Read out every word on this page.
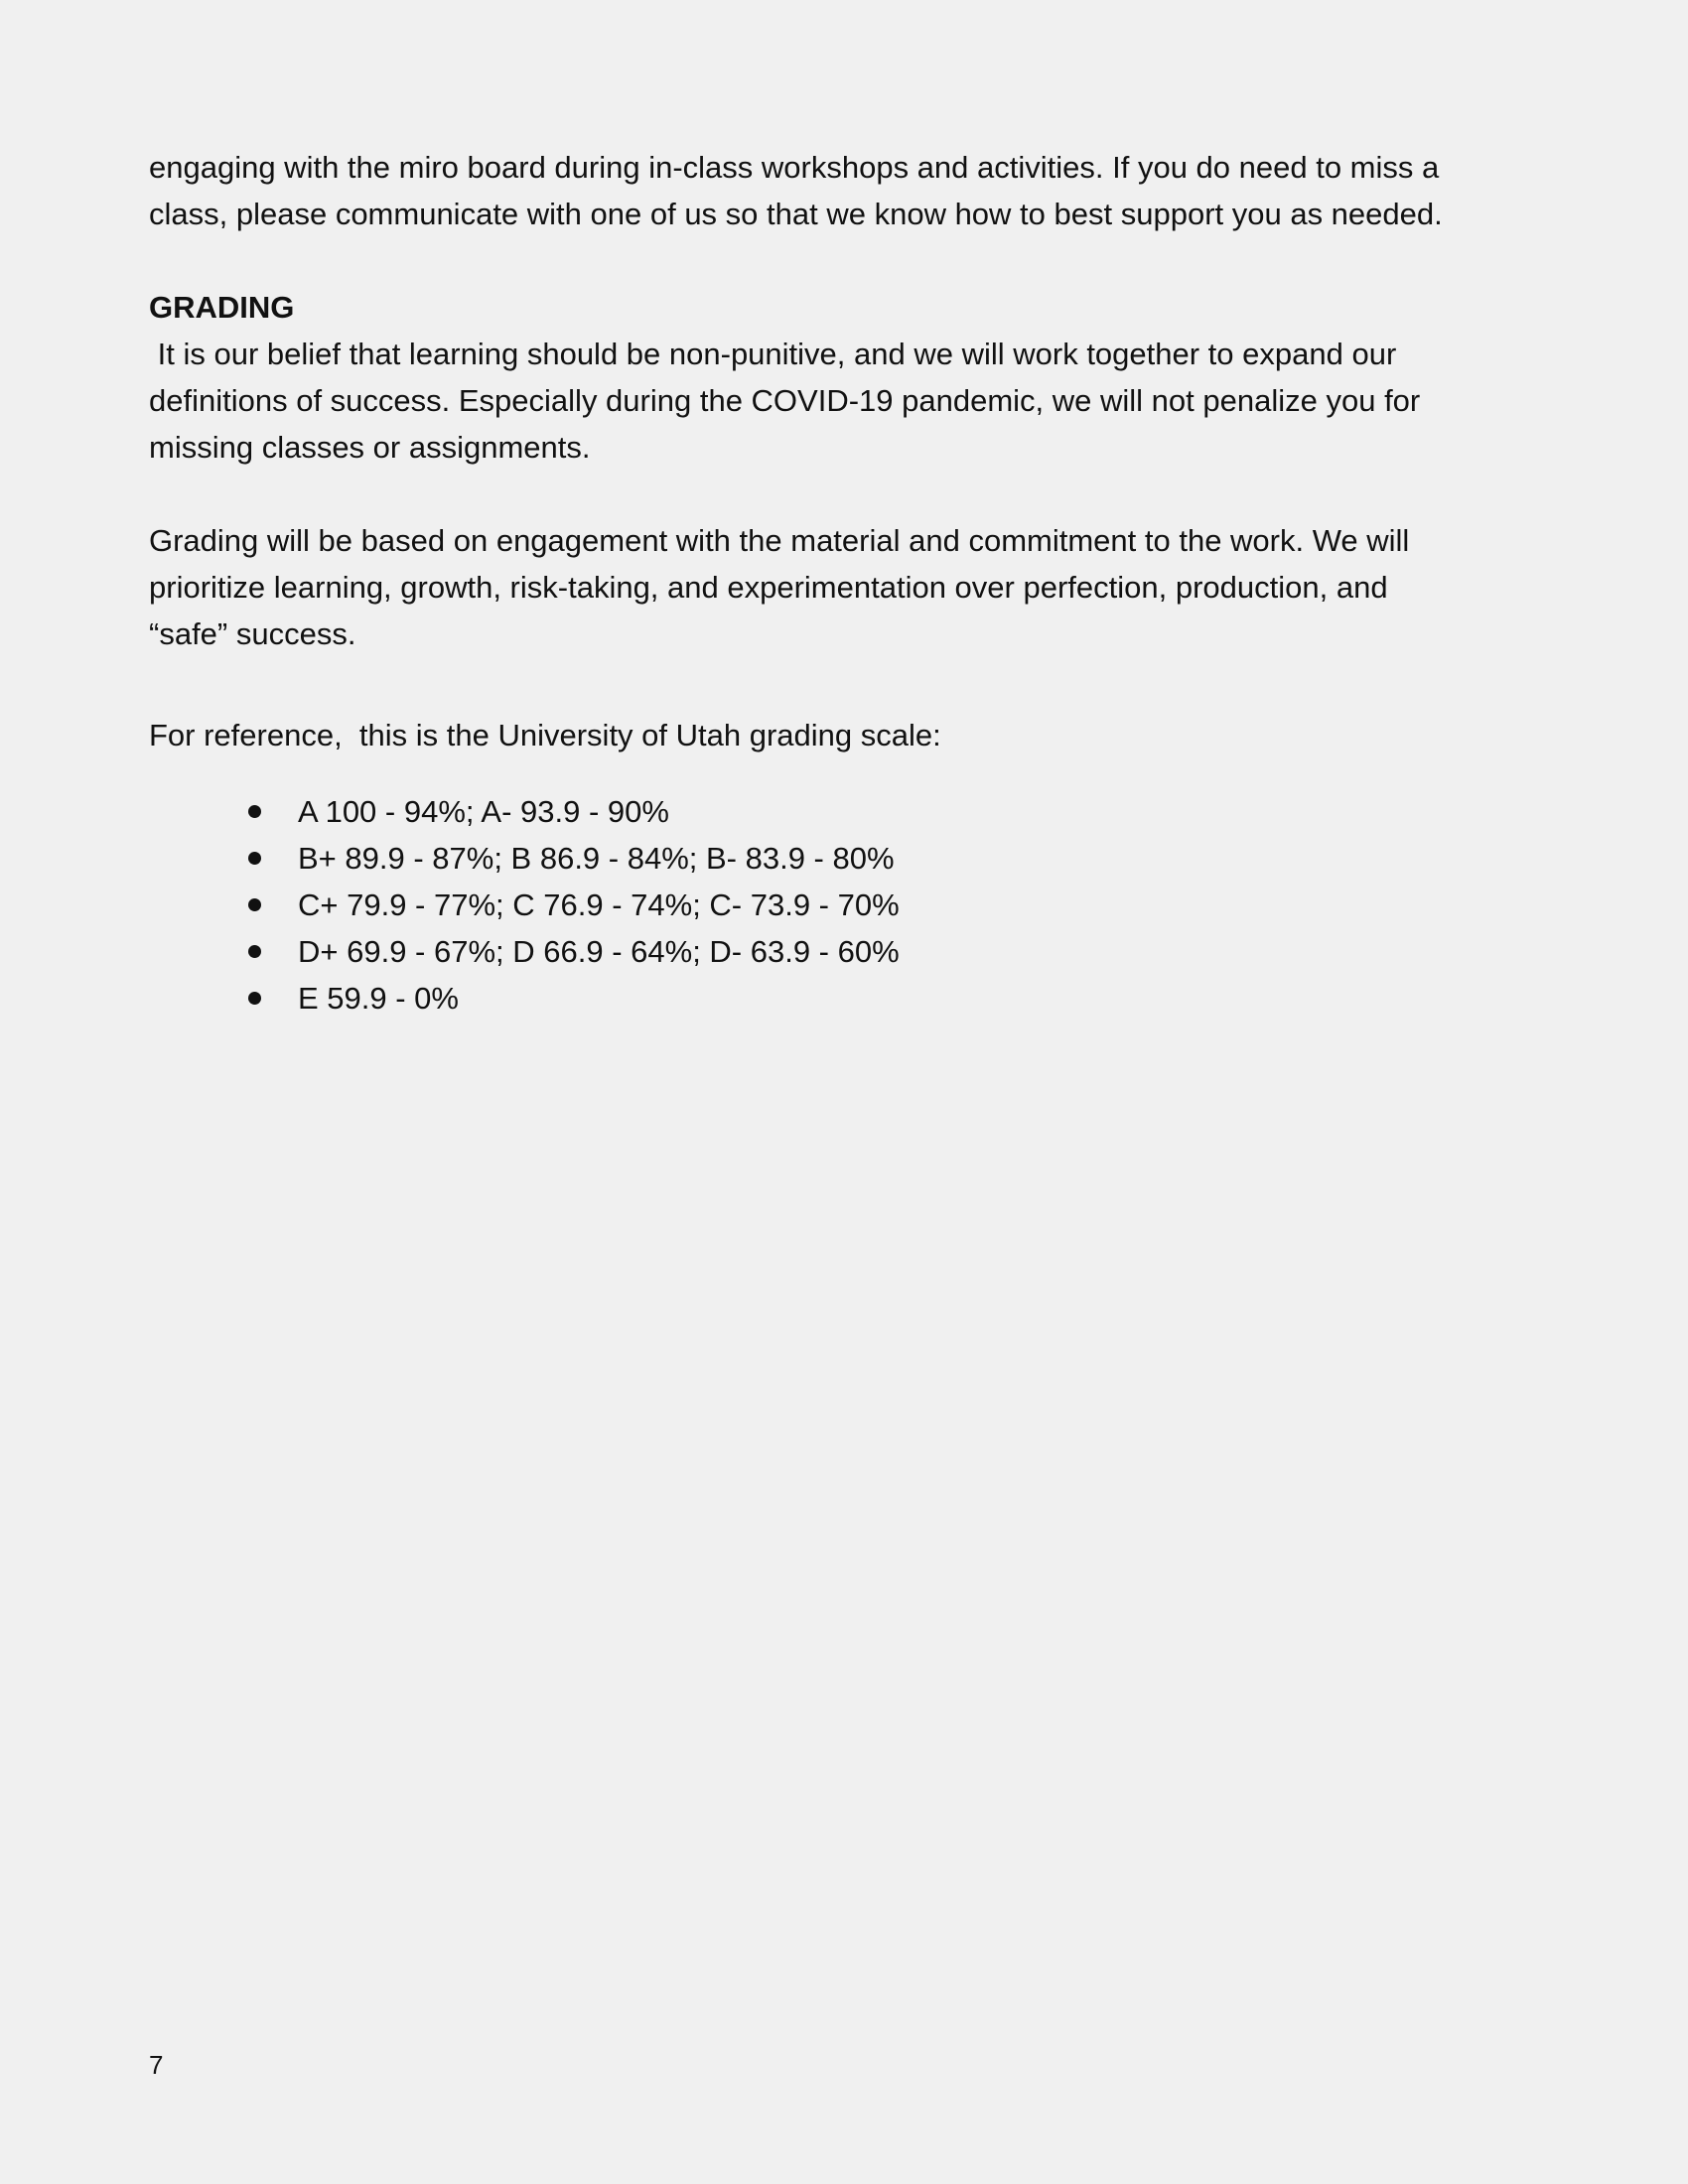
engaging with the miro board during in-class workshops and activities. If you do need to miss a

class, please communicate with one of us so that we know how to best support you as needed.

GRADING

It is our belief that learning should be non-punitive, and we will work together to expand our

definitions of success. Especially during the COVID-19 pandemic, we will not penalize you for

missing classes or assignments.

Grading will be based on engagement with the material and commitment to the work. We will

prioritize learning, growth, risk-taking, and experimentation over perfection, production, and

“safe” success.

For reference,  this is the University of Utah grading scale:

A 100 - 94%; A- 93.9 - 90%
B+ 89.9 - 87%; B 86.9 - 84%; B- 83.9 - 80%
C+ 79.9 - 77%; C 76.9 - 74%; C- 73.9 - 70%
D+ 69.9 - 67%; D 66.9 - 64%; D- 63.9 - 60%
E 59.9 - 0%
7
